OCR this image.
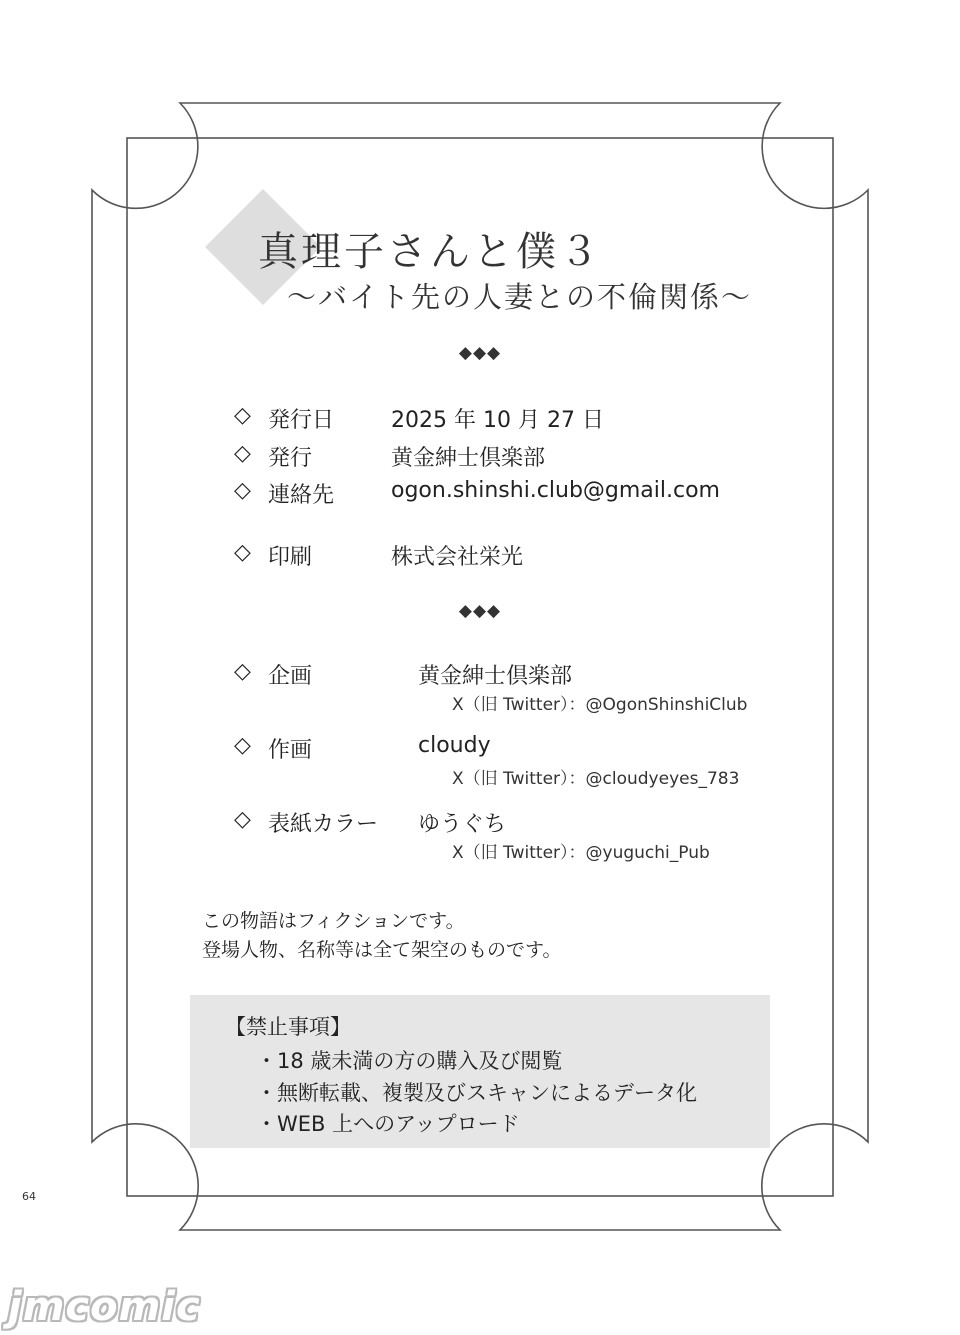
真理子さんと僕３
～バイト先の人妻との不倫関係～
◆◆◆
◇ 発行日	2025 年 10 月 27 日
◇ 発行	黄金紳士倶楽部
◇ 連絡先	ogon.shinshi.club@gmail.com
◇ 印刷	株式会社栄光
◆◆◆
◇ 企画	黄金紳士倶楽部
X（旧 Twitter）：@OgonShinshiClub
◇ 作画	cloudy
X（旧 Twitter）：@cloudyeyes_783
◇ 表紙カラー ゆうぐち
X（旧 Twitter）：@yuguchi_Pub
この物語はフィクションです。
登場人物、名称等は全て架空のものです。
【禁止事項】
・18 歳未満の方の購入及び閲覧
・無断転載、複製及びスキャンによるデータ化
・WEB 上へのアップロード
64
jmcomic
